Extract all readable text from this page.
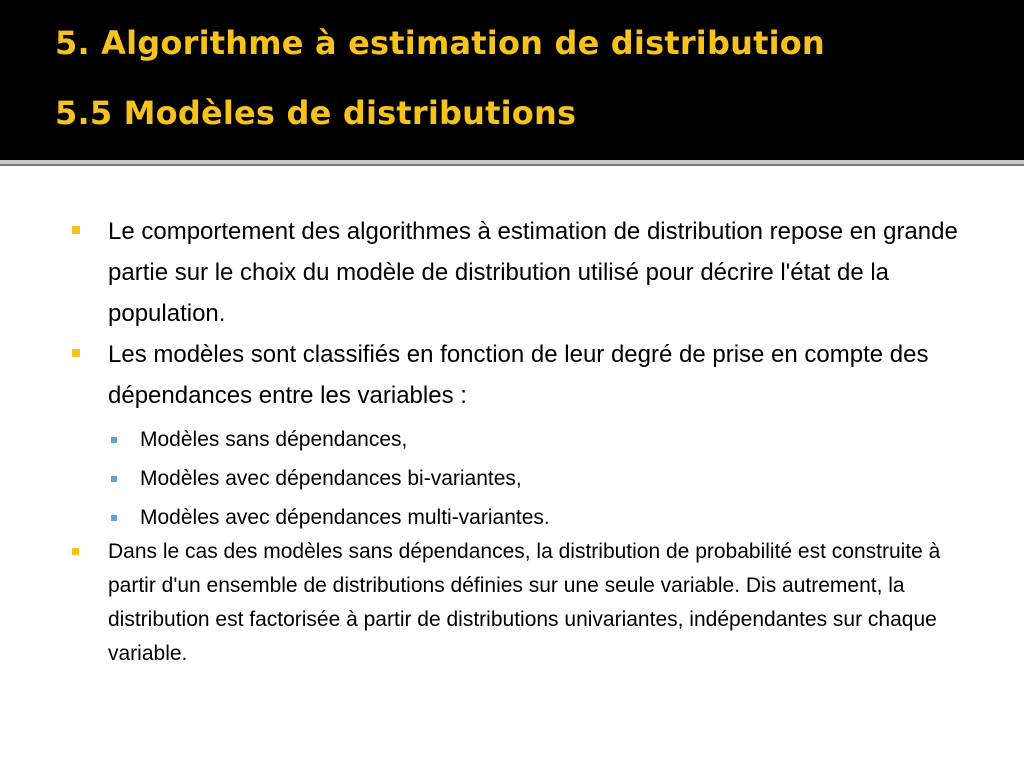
5. Algorithme à estimation de distribution
5.5 Modèles de distributions
Le comportement des algorithmes à estimation de distribution repose en grande partie sur le choix du modèle de distribution utilisé pour décrire l'état de la population.
Les modèles sont classifiés en fonction de leur degré de prise en compte des dépendances entre les variables :
Modèles sans dépendances,
Modèles avec dépendances bi-variantes,
Modèles avec dépendances multi-variantes.
Dans le cas des modèles sans dépendances, la distribution de probabilité est construite à partir d'un ensemble de distributions définies sur une seule variable. Dis autrement, la distribution est factorisée à partir de distributions univariantes, indépendantes sur chaque variable.
